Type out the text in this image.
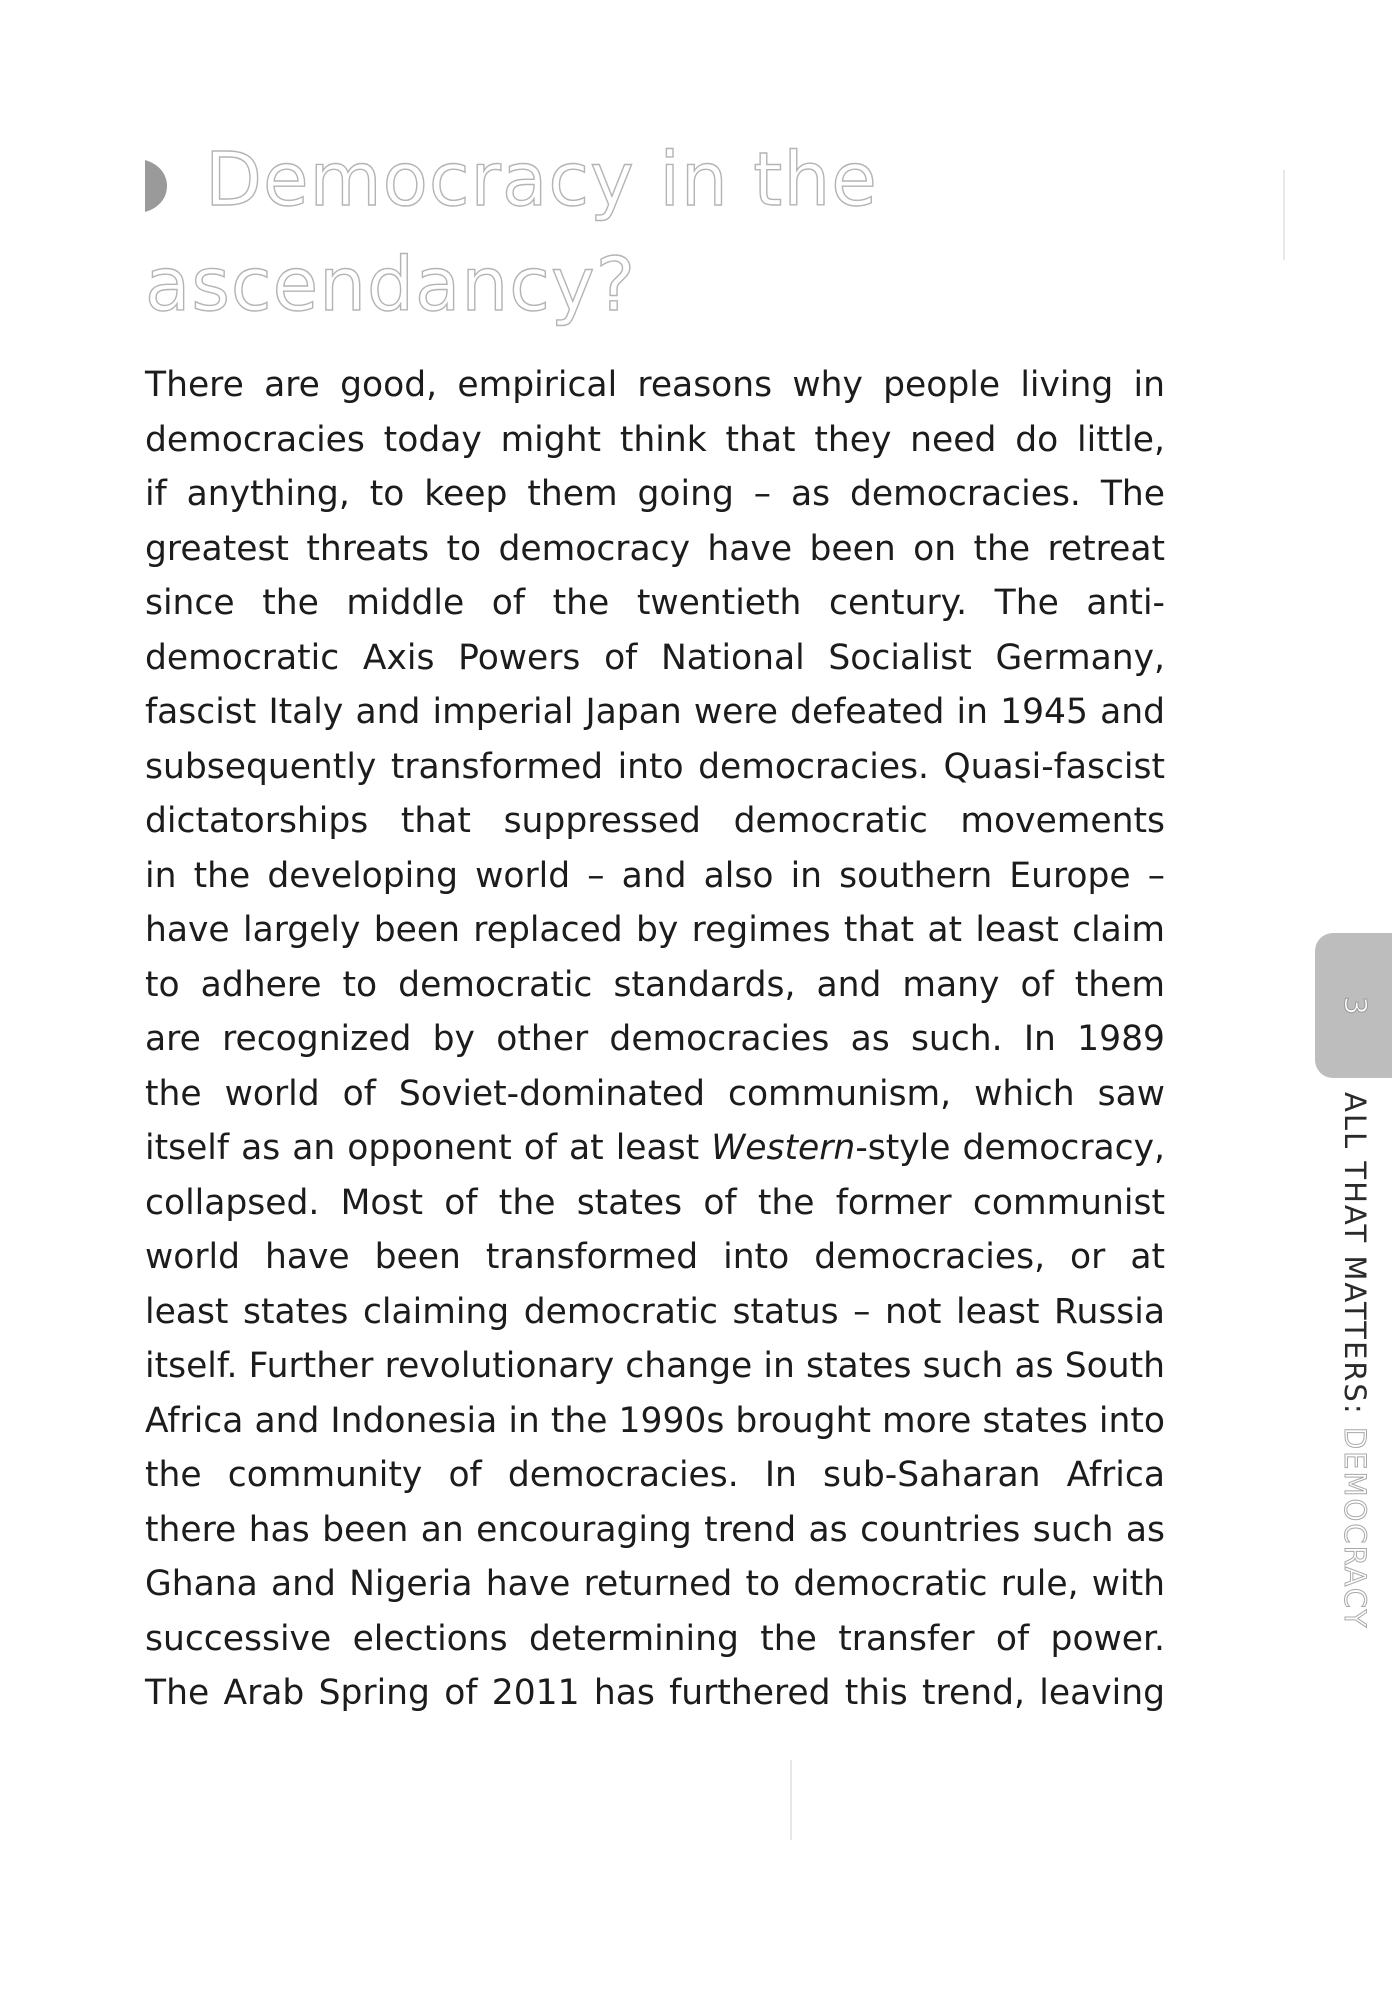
Democracy in the
ascendancy?
There are good, empirical reasons why people living in
democracies today might think that they need do little,
if anything, to keep them going – as democracies. The
greatest threats to democracy have been on the retreat
since the middle of the twentieth century. The anti-
democratic Axis Powers of National Socialist Germany,
fascist Italy and imperial Japan were defeated in 1945 and
subsequently transformed into democracies. Quasi-fascist
dictatorships that suppressed democratic movements
in the developing world – and also in southern Europe –
have largely been replaced by regimes that at least claim
to adhere to democratic standards, and many of them
are recognized by other democracies as such. In 1989
the world of Soviet-dominated communism, which saw
itself as an opponent of at least Western-style democracy,
collapsed. Most of the states of the former communist
world have been transformed into democracies, or at
least states claiming democratic status – not least Russia
itself. Further revolutionary change in states such as South
Africa and Indonesia in the 1990s brought more states into
the community of democracies. In sub-Saharan Africa
there has been an encouraging trend as countries such as
Ghana and Nigeria have returned to democratic rule, with
successive elections determining the transfer of power.
The Arab Spring of 2011 has furthered this trend, leaving
3
ALL THAT MATTERS: DEMOCRACY
